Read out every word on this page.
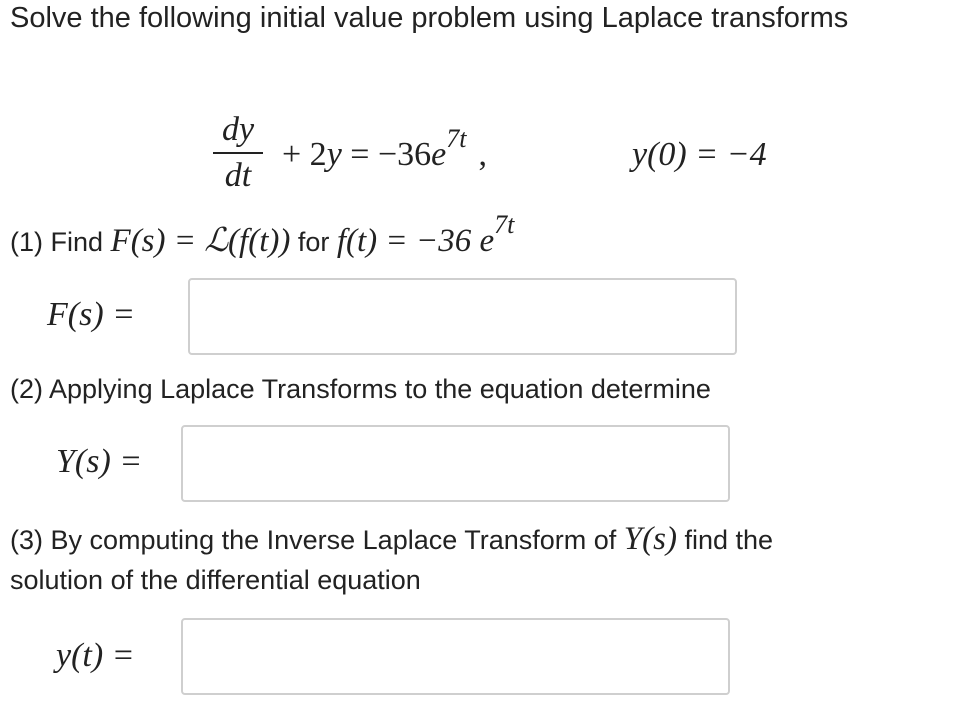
Solve the following initial value problem using Laplace transforms
dy
dt
+ $2y = -36e^{7t}$ ,	y(0) = −4
(1) Find F(s) = ℒ(f(t)) for f(t) = −36 $e^{7t}$
F(s) =
(2) Applying Laplace Transforms to the equation determine
Y(s) =
(3) By computing the Inverse Laplace Transform of Y(s) find the
solution of the differential equation
y(t) =
